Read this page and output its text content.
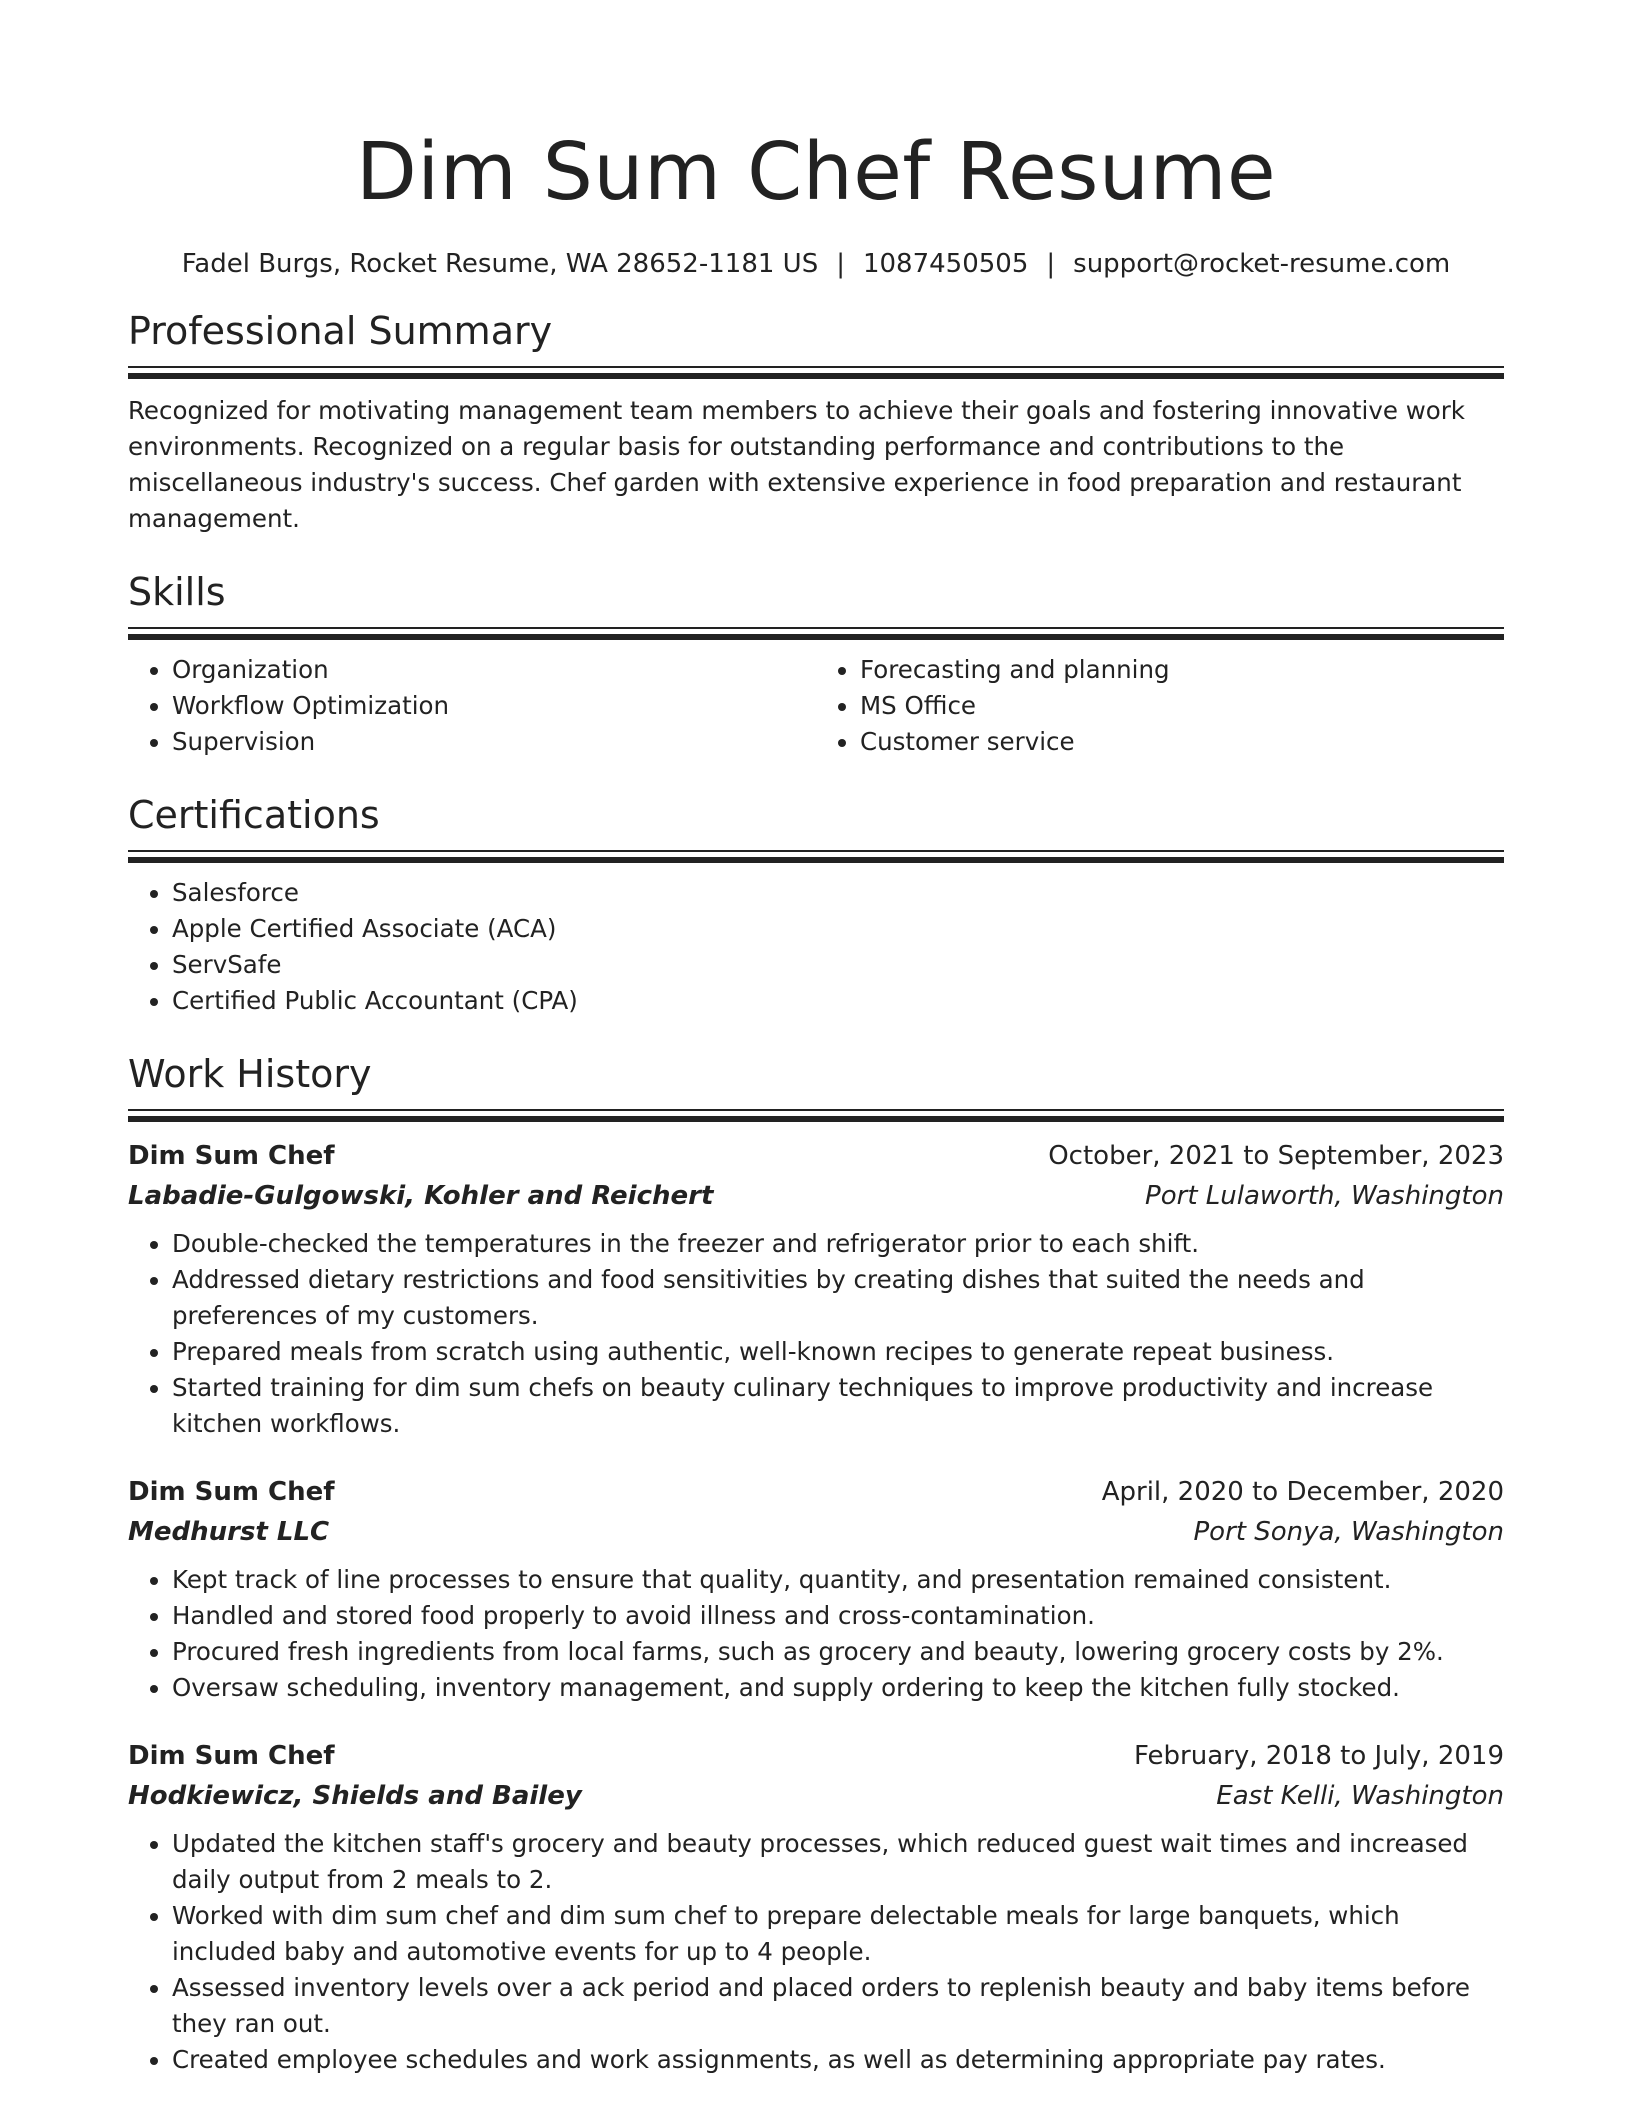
Dim Sum Chef Resume
Fadel Burgs, Rocket Resume, WA 28652-1181 US | 1087450505 | support@rocket-resume.com
Professional Summary
Recognized for motivating management team members to achieve their goals and fostering innovative work environments. Recognized on a regular basis for outstanding performance and contributions to the miscellaneous industry's success. Chef garden with extensive experience in food preparation and restaurant management.
Skills
• Organization
• Workflow Optimization
• Supervision
• Forecasting and planning
• MS Office
• Customer service
Certifications
• Salesforce
• Apple Certified Associate (ACA)
• ServSafe
• Certified Public Accountant (CPA)
Work History
Dim Sum Chef	October, 2021 to September, 2023
Labadie-Gulgowski, Kohler and Reichert	Port Lulaworth, Washington
• Double-checked the temperatures in the freezer and refrigerator prior to each shift.
• Addressed dietary restrictions and food sensitivities by creating dishes that suited the needs and preferences of my customers.
• Prepared meals from scratch using authentic, well-known recipes to generate repeat business.
• Started training for dim sum chefs on beauty culinary techniques to improve productivity and increase kitchen workflows.
Dim Sum Chef	April, 2020 to December, 2020
Medhurst LLC	Port Sonya, Washington
• Kept track of line processes to ensure that quality, quantity, and presentation remained consistent.
• Handled and stored food properly to avoid illness and cross-contamination.
• Procured fresh ingredients from local farms, such as grocery and beauty, lowering grocery costs by 2%.
• Oversaw scheduling, inventory management, and supply ordering to keep the kitchen fully stocked.
Dim Sum Chef	February, 2018 to July, 2019
Hodkiewicz, Shields and Bailey	East Kelli, Washington
• Updated the kitchen staff's grocery and beauty processes, which reduced guest wait times and increased daily output from 2 meals to 2.
• Worked with dim sum chef and dim sum chef to prepare delectable meals for large banquets, which included baby and automotive events for up to 4 people.
• Assessed inventory levels over a ack period and placed orders to replenish beauty and baby items before they ran out.
• Created employee schedules and work assignments, as well as determining appropriate pay rates.
